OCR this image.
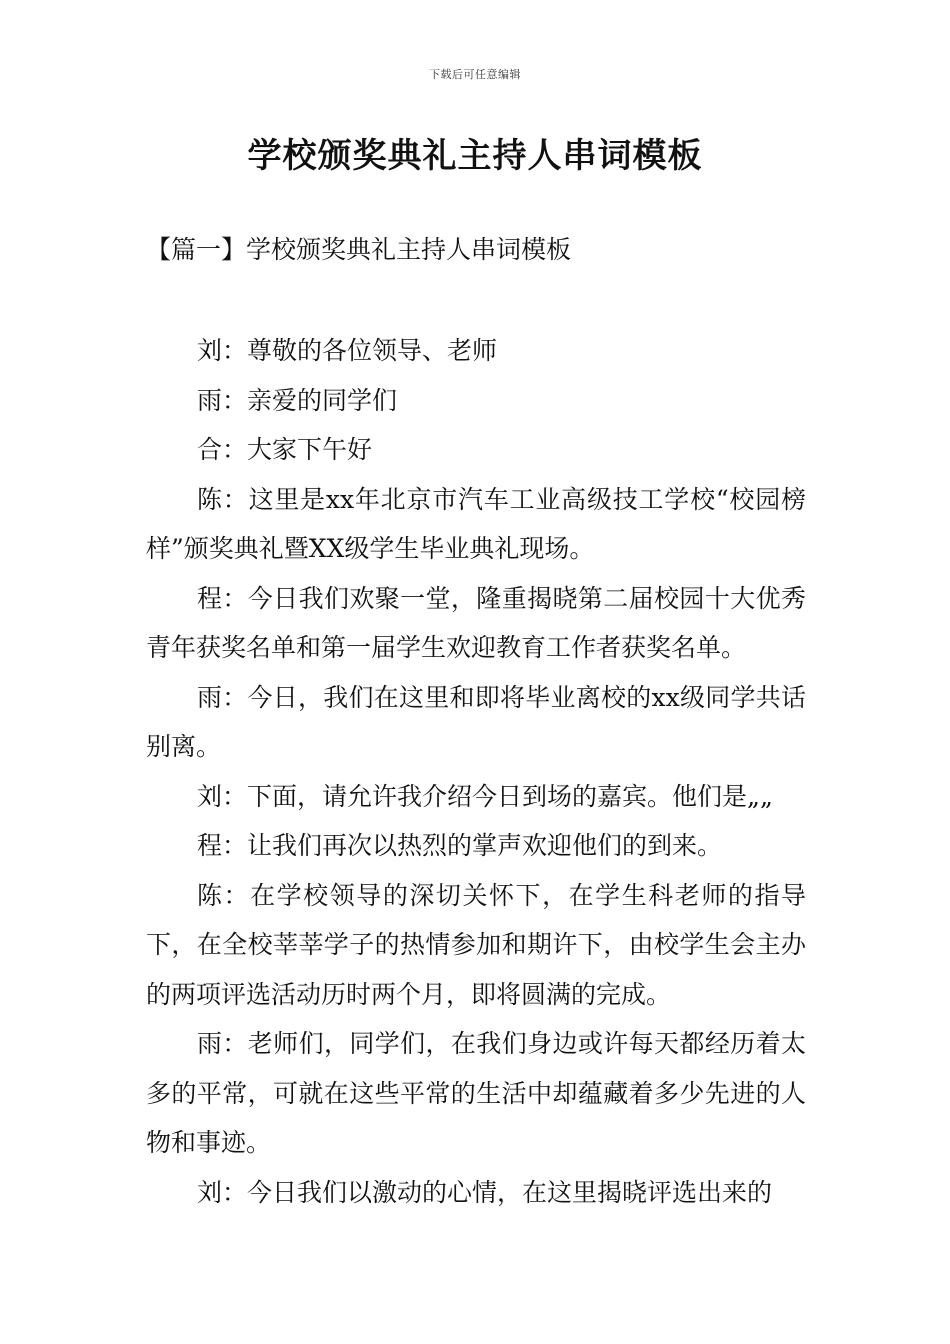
下载后可任意编辑
学校颁奖典礼主持人串词模板
【篇一】学校颁奖典礼主持人串词模板

刘：尊敬的各位领导、老师

雨：亲爱的同学们

合：大家下午好

陈：这里是xx年北京市汽车工业高级技工学校“校园榜样”颁奖典礼暨XX级学生毕业典礼现场。

程：今日我们欢聚一堂，隆重揭晓第二届校园十大优秀青年获奖名单和第一届学生欢迎教育工作者获奖名单。

雨：今日，我们在这里和即将毕业离校的xx级同学共话别离。

刘：下面，请允许我介绍今日到场的嘉宾。他们是„„

程：让我们再次以热烈的掌声欢迎他们的到来。

陈：在学校领导的深切关怀下，在学生科老师的指导下，在全校莘莘学子的热情参加和期许下，由校学生会主办的两项评选活动历时两个月，即将圆满的完成。

雨：老师们，同学们，在我们身边或许每天都经历着太多的平常，可就在这些平常的生活中却蕴藏着多少先进的人物和事迹。

刘：今日我们以激动的心情，在这里揭晓评选出来的
